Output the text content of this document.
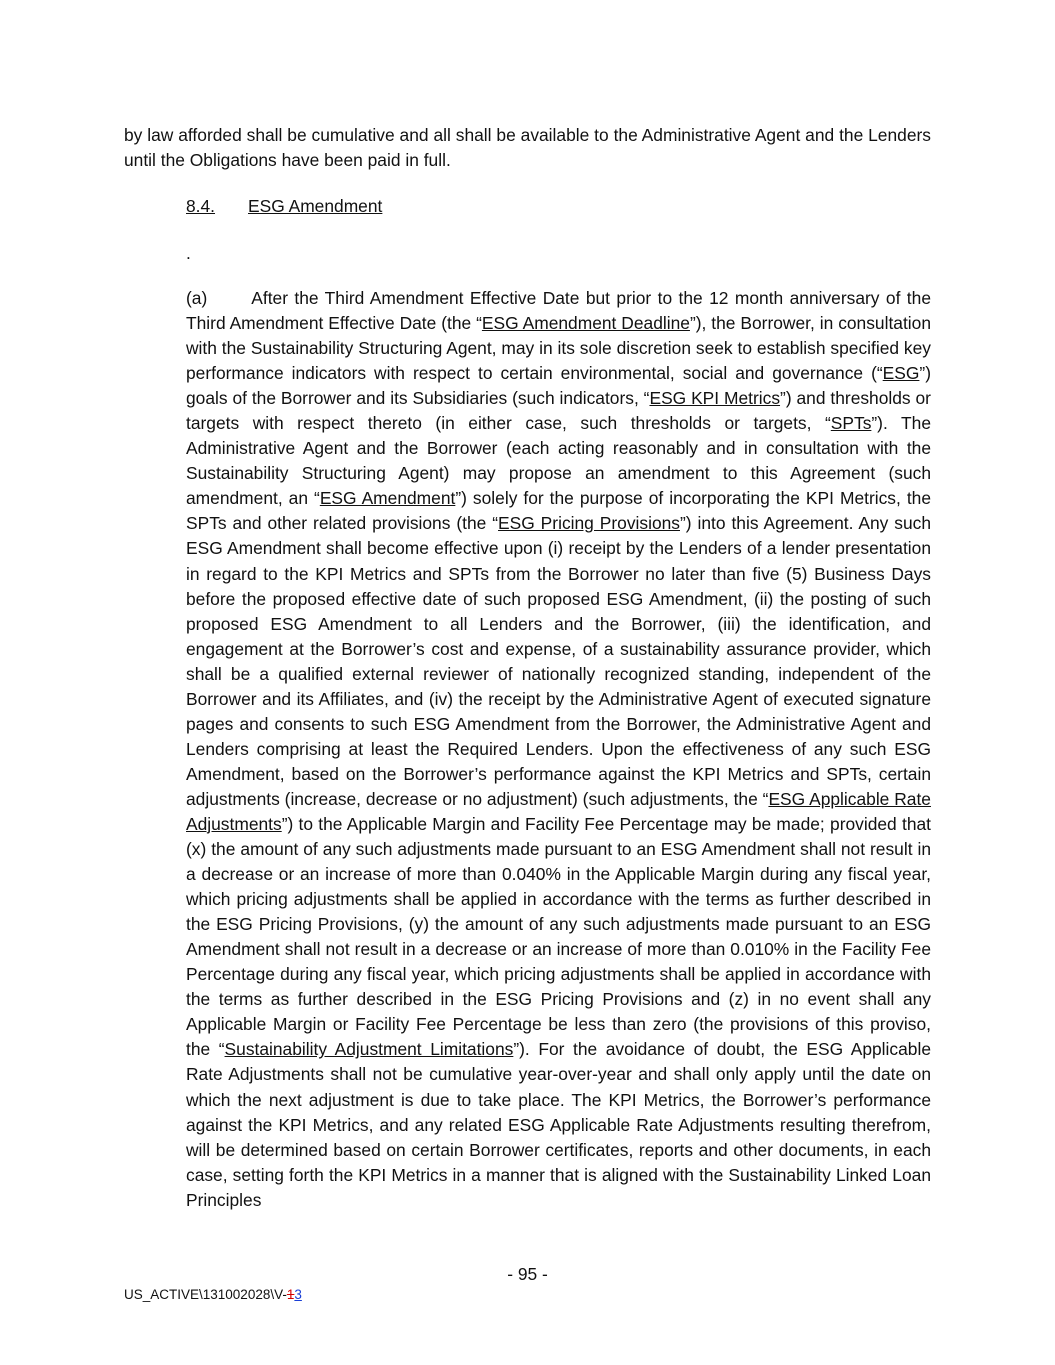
by law afforded shall be cumulative and all shall be available to the Administrative Agent and the Lenders until the Obligations have been paid in full.

8.4. ESG Amendment
.

(a)	After the Third Amendment Effective Date but prior to the 12 month anniversary of the Third Amendment Effective Date (the “ESG Amendment Deadline”), the Borrower, in consultation with the Sustainability Structuring Agent, may in its sole discretion seek to establish specified key performance indicators with respect to certain environmental, social and governance (“ESG”) goals of the Borrower and its Subsidiaries (such indicators, “ESG KPI Metrics”) and thresholds or targets with respect thereto (in either case, such thresholds or targets, “SPTs”). The Administrative Agent and the Borrower (each acting reasonably and in consultation with the Sustainability Structuring Agent) may propose an amendment to this Agreement (such amendment, an “ESG Amendment”) solely for the purpose of incorporating the KPI Metrics, the SPTs and other related provisions (the “ESG Pricing Provisions”) into this Agreement. Any such ESG Amendment shall become effective upon (i) receipt by the Lenders of a lender presentation in regard to the KPI Metrics and SPTs from the Borrower no later than five (5) Business Days before the proposed effective date of such proposed ESG Amendment, (ii) the posting of such proposed ESG Amendment to all Lenders and the Borrower, (iii) the identification, and engagement at the Borrower’s cost and expense, of a sustainability assurance provider, which shall be a qualified external reviewer of nationally recognized standing, independent of the Borrower and its Affiliates, and (iv) the receipt by the Administrative Agent of executed signature pages and consents to such ESG Amendment from the Borrower, the Administrative Agent and Lenders comprising at least the Required Lenders. Upon the effectiveness of any such ESG Amendment, based on the Borrower’s performance against the KPI Metrics and SPTs, certain adjustments (increase, decrease or no adjustment) (such adjustments, the “ESG Applicable Rate Adjustments”) to the Applicable Margin and Facility Fee Percentage may be made; provided that (x) the amount of any such adjustments made pursuant to an ESG Amendment shall not result in a decrease or an increase of more than 0.040% in the Applicable Margin during any fiscal year, which pricing adjustments shall be applied in accordance with the terms as further described in the ESG Pricing Provisions, (y) the amount of any such adjustments made pursuant to an ESG Amendment shall not result in a decrease or an increase of more than 0.010% in the Facility Fee Percentage during any fiscal year, which pricing adjustments shall be applied in accordance with the terms as further described in the ESG Pricing Provisions and (z) in no event shall any Applicable Margin or Facility Fee Percentage be less than zero (the provisions of this proviso, the “Sustainability Adjustment Limitations”). For the avoidance of doubt, the ESG Applicable Rate Adjustments shall not be cumulative year-over-year and shall only apply until the date on which the next adjustment is due to take place. The KPI Metrics, the Borrower’s performance against the KPI Metrics, and any related ESG Applicable Rate Adjustments resulting therefrom, will be determined based on certain Borrower certificates, reports and other documents, in each case, setting forth the KPI Metrics in a manner that is aligned with the Sustainability Linked Loan Principles

- 95 -
US_ACTIVE\131002028\V-13
